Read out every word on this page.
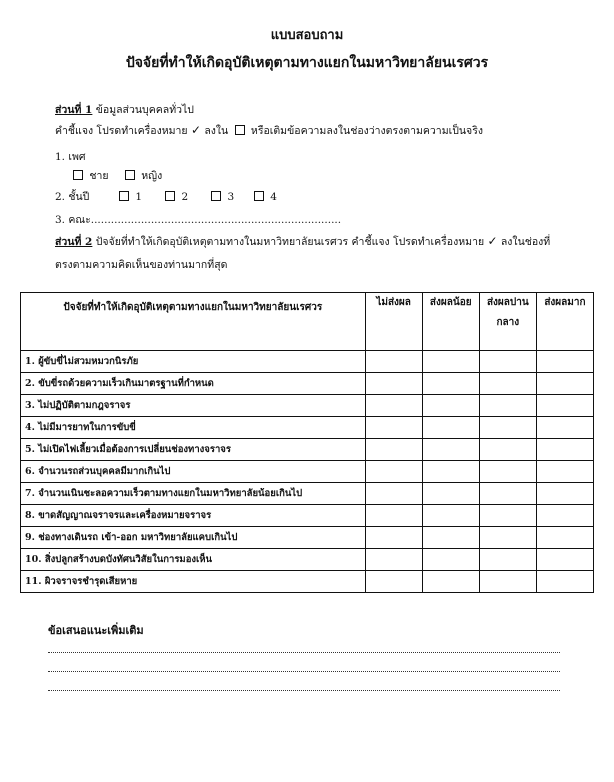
แบบสอบถาม
ปัจจัยที่ทำให้เกิดอุบัติเหตุตามทางแยกในมหาวิทยาลัยนเรศวร
ส่วนที่ 1 ข้อมูลส่วนบุคคลทั่วไป
คำชี้แจง โปรดทำเครื่องหมาย ✓ ลงใน หรือเติมข้อความลงในช่องว่างตรงตามความเป็นจริง
1. เพศ
ชาย	หญิง
2. ชั้นปี	1	2	3	4
3. คณะ...........................................................................
ส่วนที่ 2 ปัจจัยที่ทำให้เกิดอุบัติเหตุตามทางในมหาวิทยาลัยนเรศวร คำชี้แจง โปรดทำเครื่องหมาย ✓ ลงในช่องที่
ตรงตามความคิดเห็นของท่านมากที่สุด
ปัจจัยที่ทำให้เกิดอุบัติเหตุตามทางแยกในมหาวิทยาลัยนเรศวร	ไม่ส่งผล	ส่งผลน้อย	ส่งผลปาน กลาง	ส่งผลมาก
1. ผู้ขับขี่ไม่สวมหมวกนิรภัย				
2. ขับขี่รถด้วยความเร็วเกินมาตรฐานที่กำหนด				
3. ไม่ปฏิบัติตามกฎจราจร				
4. ไม่มีมารยาทในการขับขี่				
5. ไม่เปิดไฟเลี้ยวเมื่อต้องการเปลี่ยนช่องทางจราจร				
6. จำนวนรถส่วนบุคคลมีมากเกินไป				
7. จำนวนเนินชะลอความเร็วตามทางแยกในมหาวิทยาลัยน้อยเกินไป				
8. ขาดสัญญาณจราจรและเครื่องหมายจราจร				
9. ช่องทางเดินรถ เข้า-ออก มหาวิทยาลัยแคบเกินไป				
10. สิ่งปลูกสร้างบดบังทัศนวิสัยในการมองเห็น				
11. ผิวจราจรชำรุดเสียหาย				
ข้อเสนอแนะเพิ่มเติม
